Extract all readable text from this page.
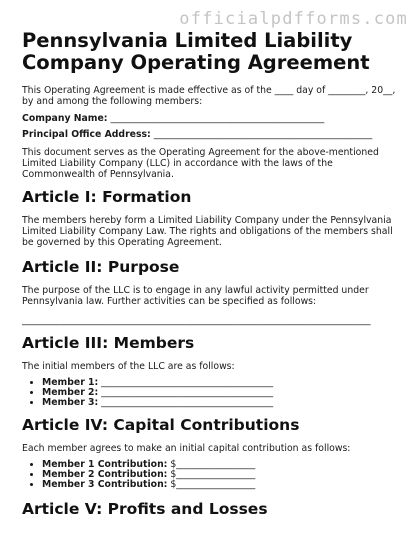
officialpdfforms.com
Pennsylvania Limited Liability Company Operating Agreement

This Operating Agreement is made effective as of the ____ day of ________, 20__, by and among the following members:

Company Name: ______________________________________________
Principal Office Address: _______________________________________________

This document serves as the Operating Agreement for the above-mentioned Limited Liability Company (LLC) in accordance with the laws of the Commonwealth of Pennsylvania.

Article I: Formation

The members hereby form a Limited Liability Company under the Pennsylvania Limited Liability Company Law. The rights and obligations of the members shall be governed by this Operating Agreement.

Article II: Purpose

The purpose of the LLC is to engage in any lawful activity permitted under Pennsylvania law. Further activities can be specified as follows:

___________________________________________________________________________
Article III: Members

The initial members of the LLC are as follows:

• Member 1: _____________________________________
• Member 2: _____________________________________
• Member 3: _____________________________________
Article IV: Capital Contributions

Each member agrees to make an initial capital contribution as follows:

• Member 1 Contribution: $_________________
• Member 2 Contribution: $_________________
• Member 3 Contribution: $_________________
Article V: Profits and Losses
